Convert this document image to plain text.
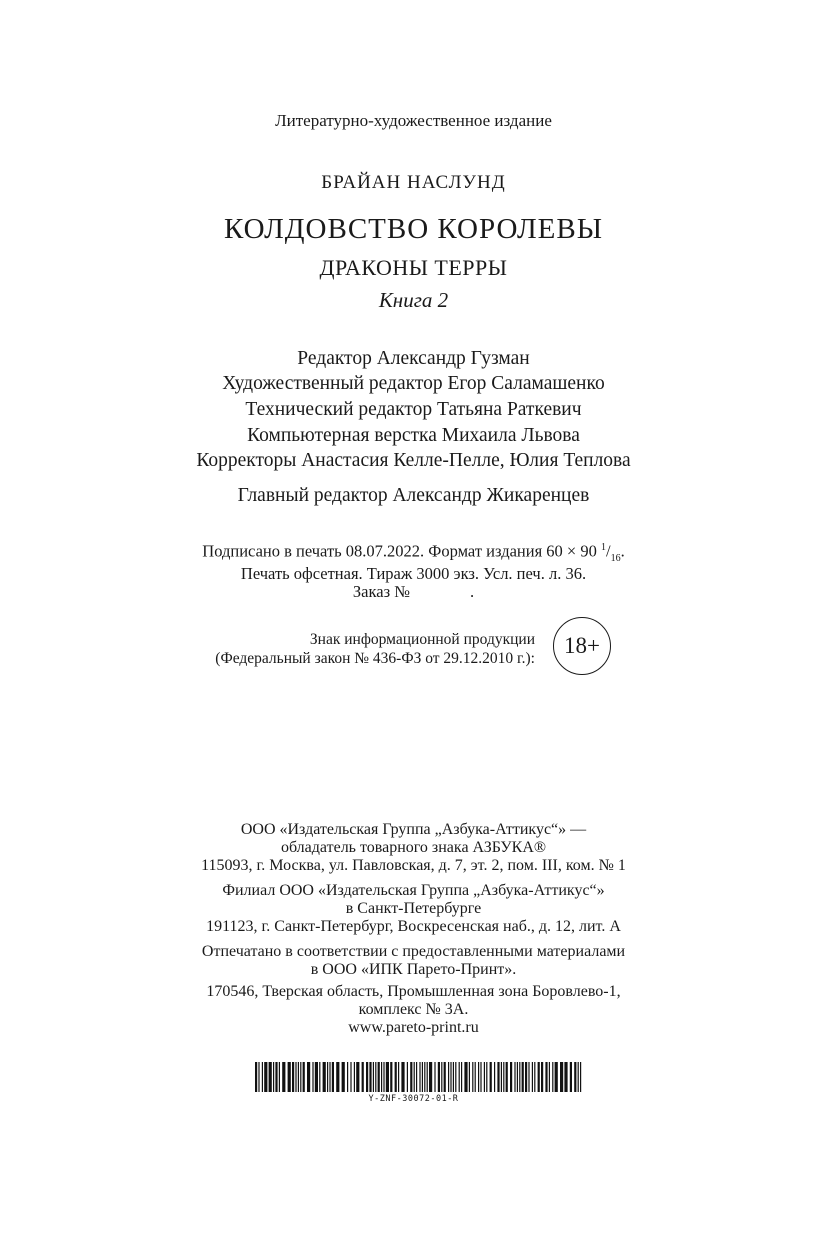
Литературно-художественное издание
БРАЙАН НАСЛУНД
КОЛДОВСТВО КОРОЛЕВЫ
ДРАКОНЫ ТЕРРЫ
Книга 2
Редактор Александр Гузман
Художественный редактор Егор Саламашенко
Технический редактор Татьяна Раткевич
Компьютерная верстка Михаила Львова
Корректоры Анастасия Келле-Пелле, Юлия Теплова
Главный редактор Александр Жикаренцев
Подписано в печать 08.07.2022. Формат издания 60 × 90 $^1/_{16}$.
Печать офсетная. Тираж 3000 экз. Усл. печ. л. 36.
Заказ №	.
Знак информационной продукции
(Федеральный закон № 436-ФЗ от 29.12.2010 г.):
18+
ООО «Издательская Группа „Азбука-Аттикус“» —
обладатель товарного знака АЗБУКА®
115093, г. Москва, ул. Павловская, д. 7, эт. 2, пом. III, ком. № 1
Филиал ООО «Издательская Группа „Азбука-Аттикус“»
в Санкт-Петербурге
191123, г. Санкт-Петербург, Воскресенская наб., д. 12, лит. А
Отпечатано в соответствии с предоставленными материалами
в ООО «ИПК Парето-Принт».
170546, Тверская область, Промышленная зона Боровлево-1,
комплекс № 3А.
www.pareto-print.ru
Y-ZNF-30072-01-R
